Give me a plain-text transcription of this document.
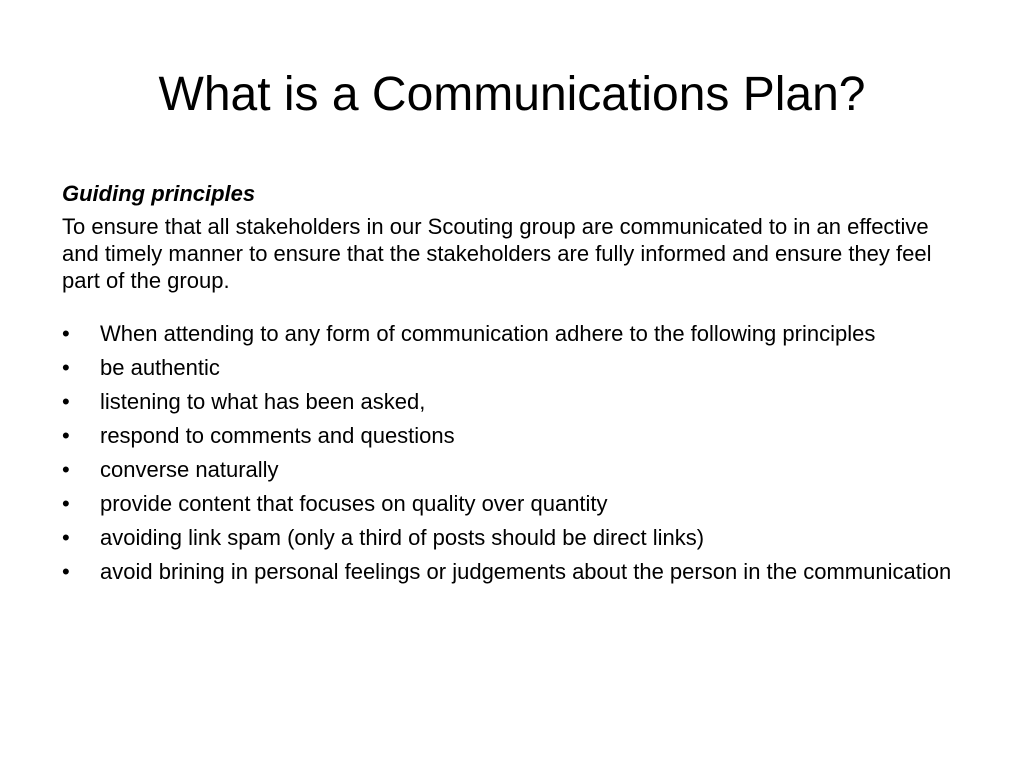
What is a Communications Plan?

Guiding principles

To ensure that all stakeholders in our Scouting group are communicated to in an effective and timely manner to ensure that the stakeholders are fully informed and ensure they feel part of the group.

• When attending to any form of communication adhere to the following principles
• be authentic
• listening to what has been asked,
• respond to comments and questions
• converse naturally
• provide content that focuses on quality over quantity
• avoiding link spam (only a third of posts should be direct links)
• avoid brining in personal feelings or judgements about the person in the communication
